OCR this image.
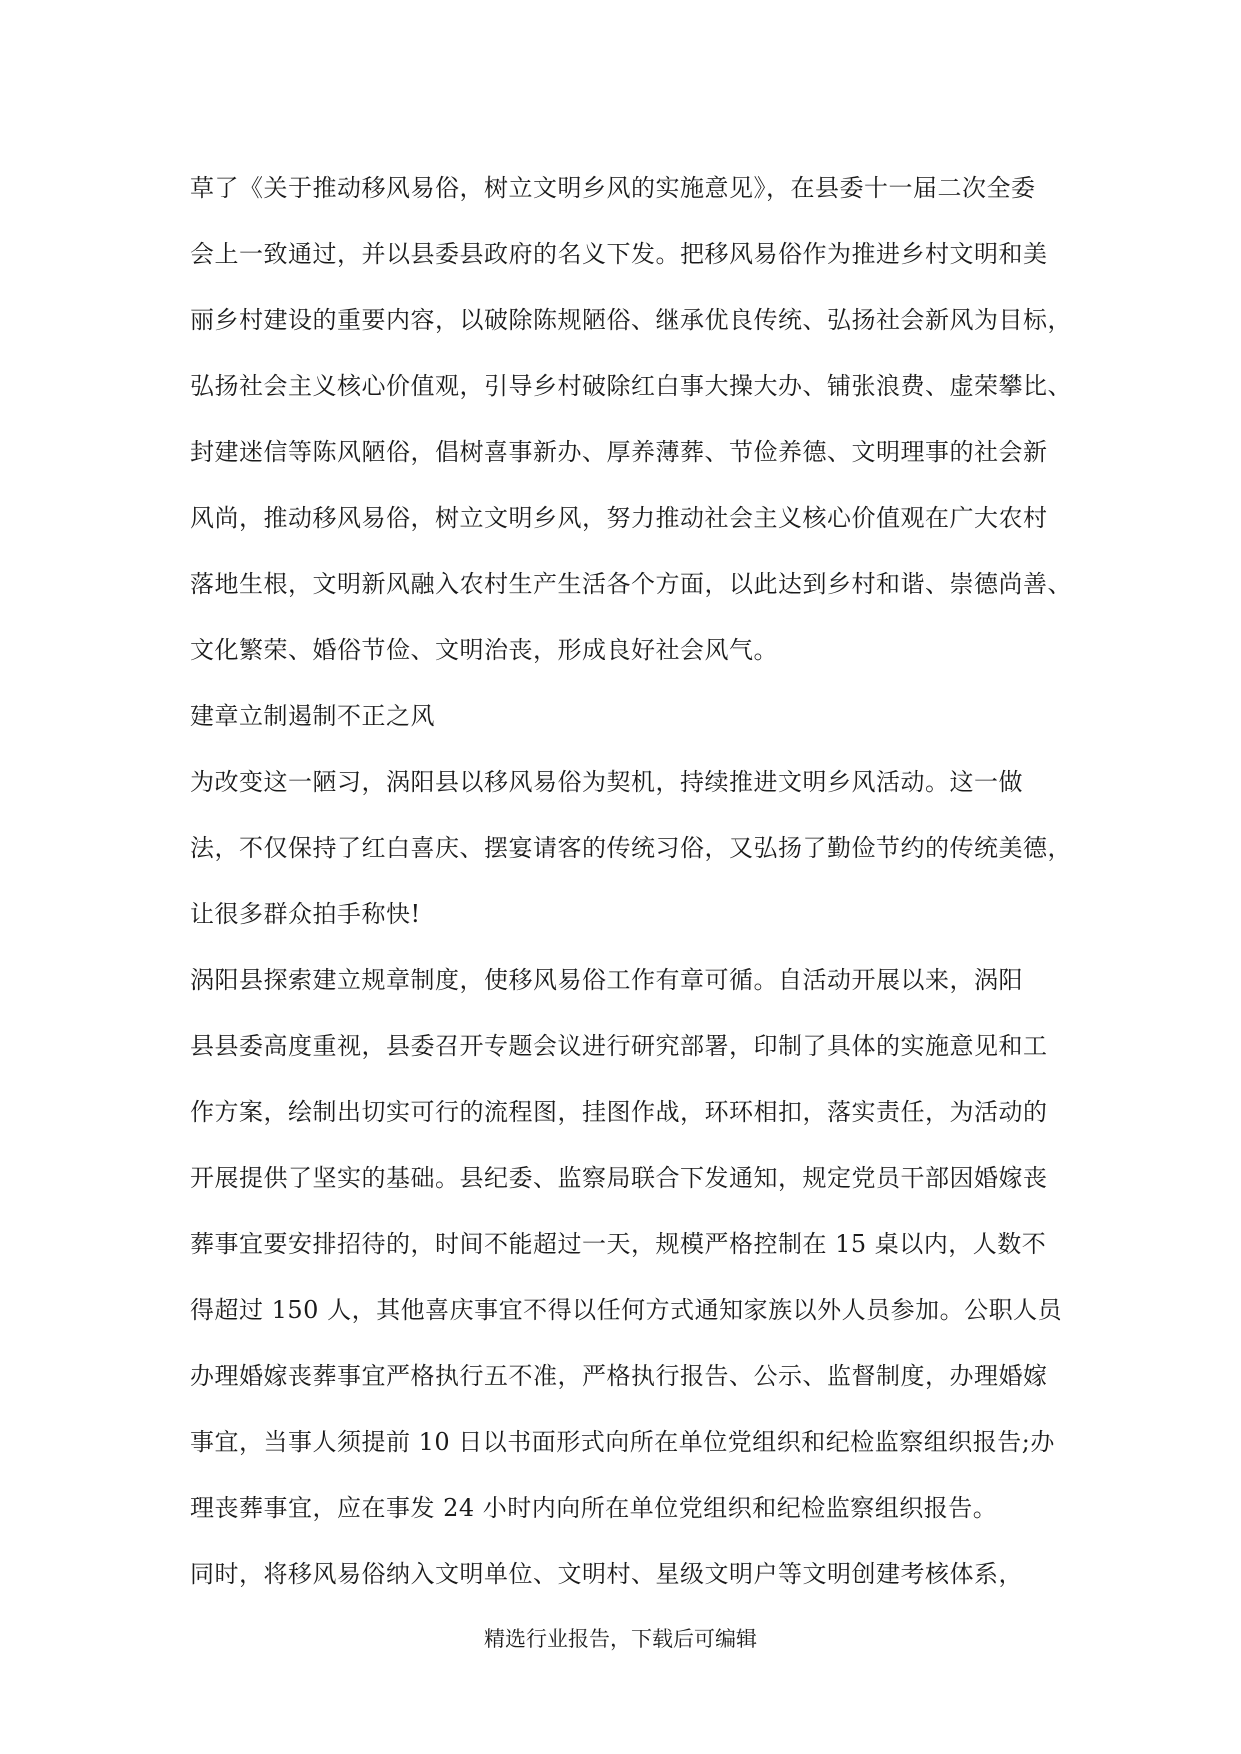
草了《关于推动移风易俗，树立文明乡风的实施意见》，在县委十一届二次全委
会上一致通过，并以县委县政府的名义下发。把移风易俗作为推进乡村文明和美
丽乡村建设的重要内容，以破除陈规陋俗、继承优良传统、弘扬社会新风为目标，
弘扬社会主义核心价值观，引导乡村破除红白事大操大办、铺张浪费、虚荣攀比、
封建迷信等陈风陋俗，倡树喜事新办、厚养薄葬、节俭养德、文明理事的社会新
风尚，推动移风易俗，树立文明乡风，努力推动社会主义核心价值观在广大农村
落地生根，文明新风融入农村生产生活各个方面，以此达到乡村和谐、崇德尚善、
文化繁荣、婚俗节俭、文明治丧，形成良好社会风气。
建章立制遏制不正之风
为改变这一陋习，涡阳县以移风易俗为契机，持续推进文明乡风活动。这一做
法，不仅保持了红白喜庆、摆宴请客的传统习俗，又弘扬了勤俭节约的传统美德，
让很多群众拍手称快!
涡阳县探索建立规章制度，使移风易俗工作有章可循。自活动开展以来，涡阳
县县委高度重视，县委召开专题会议进行研究部署，印制了具体的实施意见和工
作方案，绘制出切实可行的流程图，挂图作战，环环相扣，落实责任，为活动的
开展提供了坚实的基础。县纪委、监察局联合下发通知，规定党员干部因婚嫁丧
葬事宜要安排招待的，时间不能超过一天，规模严格控制在 15 桌以内，人数不
得超过 150 人，其他喜庆事宜不得以任何方式通知家族以外人员参加。公职人员
办理婚嫁丧葬事宜严格执行五不准，严格执行报告、公示、监督制度，办理婚嫁
事宜，当事人须提前 10 日以书面形式向所在单位党组织和纪检监察组织报告;办
理丧葬事宜，应在事发 24 小时内向所在单位党组织和纪检监察组织报告。
同时，将移风易俗纳入文明单位、文明村、星级文明户等文明创建考核体系，
精选行业报告，下载后可编辑
